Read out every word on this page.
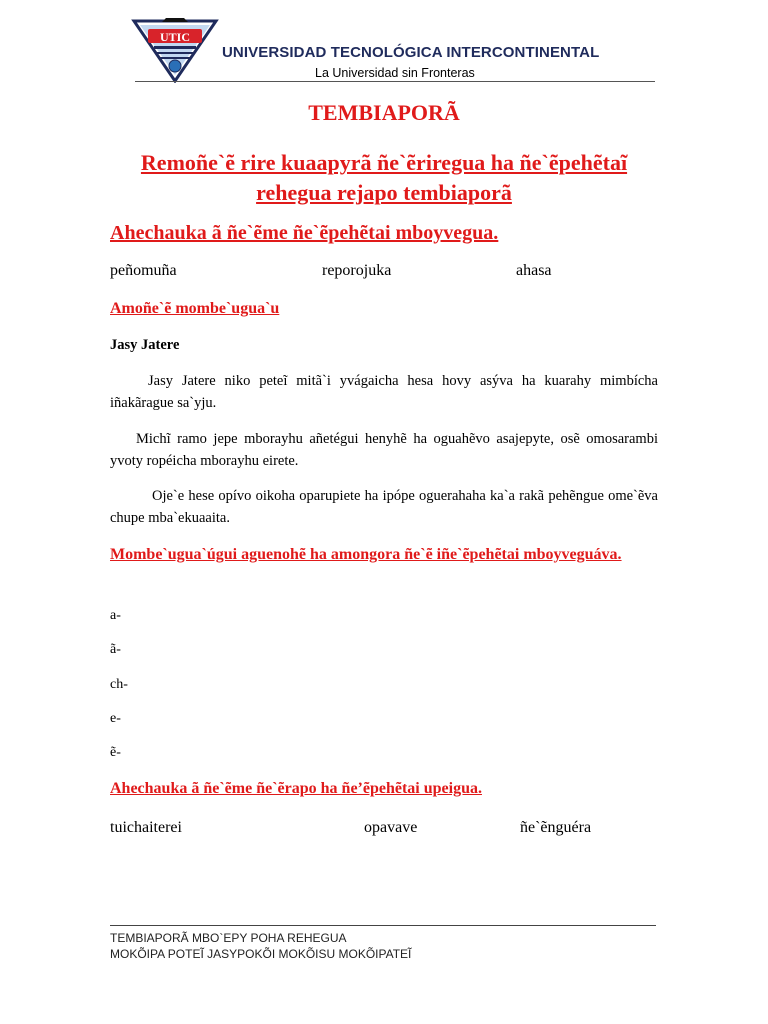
UTIC
UNIVERSIDAD TECNOLÓGICA INTERCONTINENTAL
La Universidad sin Fronteras
TEMBIAPORÃ
Remoñe`ẽ rire kuaapyrã ñe`ẽriregua ha ñe`ẽpehẽtaĩ rehegua rejapo tembiaporã
Ahechauka ã ñe`ẽme ñe`ẽpehẽtai mboyvegua.
peñomuña	reporojuka	ahasa
Amoñe`ẽ mombe`ugua`u
Jasy Jatere
Jasy Jatere niko peteĩ mitã`i yvágaicha hesa hovy asýva ha kuarahy mimbícha iñakãrague sa`yju.
Michĩ ramo jepe mborayhu añetégui henyhẽ ha oguahẽvo asajepyte, osẽ omosarambi yvoty ropéicha mborayhu eirete.
Oje`e hese opívo oikoha oparupiete ha ipópe oguerahaha ka`a rakã pehẽngue ome`ẽva chupe mba`ekuaaita.
Mombe`ugua`úgui aguenohẽ ha amongora ñe`ẽ iñe`ẽpehẽtai mboyveguáva.
a-
ã-
ch-
e-
ẽ-
Ahechauka ã ñe`ẽme ñe`ẽrapo ha ñe’ẽpehẽtai upeigua.
tuichaiterei	opavave	ñe`ẽnguéra
TEMBIAPORÃ MBO`EPY POHA REHEGUA
MOKÕIPA POTEĨ JASYPOKÕI MOKÕISU MOKÕIPATEĨ
